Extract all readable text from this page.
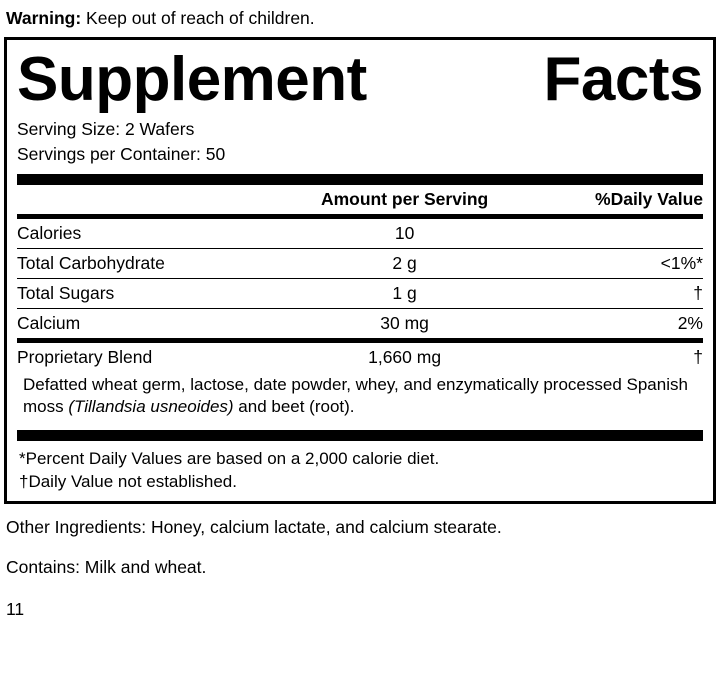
Warning: Keep out of reach of children.
Supplement	Facts
Serving Size: 2 Wafers
Servings per Container: 50
	Amount per Serving	%Daily Value
Calories	10	
Total Carbohydrate	2 g	<1%*
Total Sugars	1 g	†
Calcium	30 mg	2%
Proprietary Blend	1,660 mg	†
Defatted wheat germ, lactose, date powder, whey, and enzymatically processed Spanish moss (Tillandsia usneoides) and beet (root).
*Percent Daily Values are based on a 2,000 calorie diet.
†Daily Value not established.
Other Ingredients: Honey, calcium lactate, and calcium stearate.
Contains: Milk and wheat.
11
